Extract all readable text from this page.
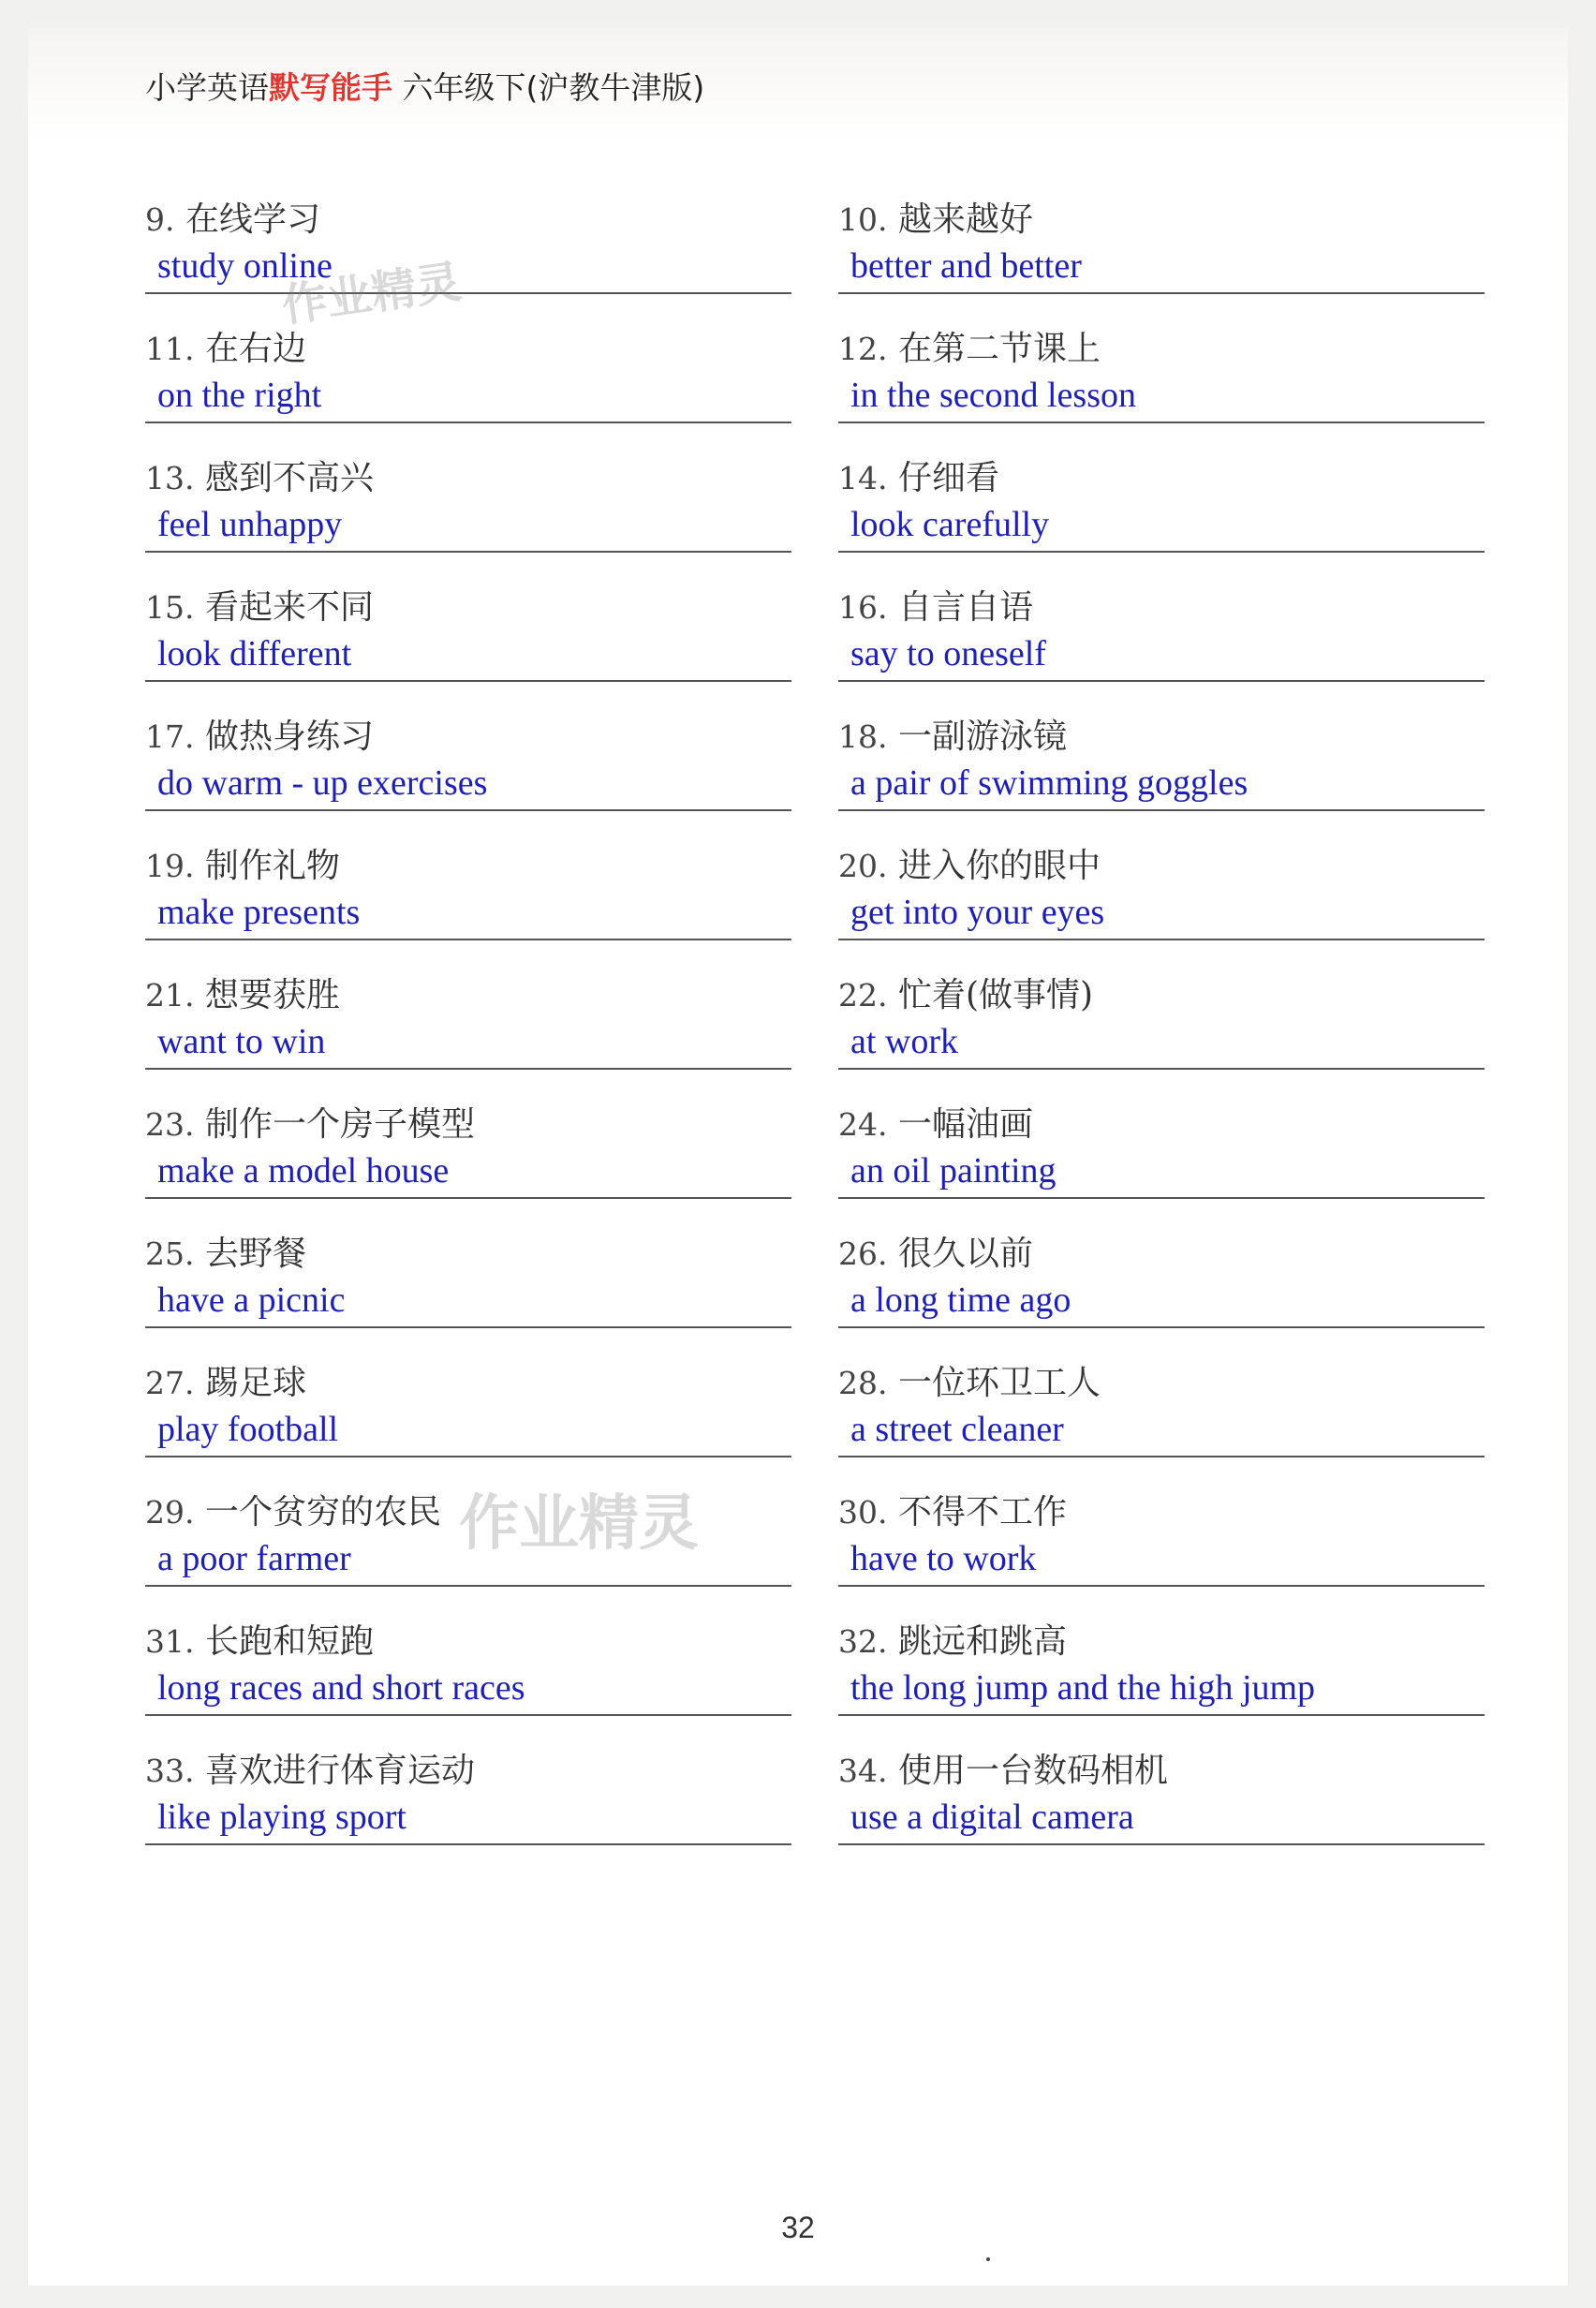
小学英语默写能手 六年级下(沪教牛津版)
9. 在线学习
study online
10. 越来越好
better and better
11. 在右边
on the right
12. 在第二节课上
in the second lesson
13. 感到不高兴
feel unhappy
14. 仔细看
look carefully
15. 看起来不同
look different
16. 自言自语
say to oneself
17. 做热身练习
do warm - up exercises
18. 一副游泳镜
a pair of swimming goggles
19. 制作礼物
make presents
20. 进入你的眼中
get into your eyes
21. 想要获胜
want to win
22. 忙着(做事情)
at work
23. 制作一个房子模型
make a model house
24. 一幅油画
an oil painting
25. 去野餐
have a picnic
26. 很久以前
a long time ago
27. 踢足球
play football
28. 一位环卫工人
a street cleaner
29. 一个贫穷的农民
a poor farmer
30. 不得不工作
have to work
31. 长跑和短跑
long races and short races
32. 跳远和跳高
the long jump and the high jump
33. 喜欢进行体育运动
like playing sport
34. 使用一台数码相机
use a digital camera
作业精灵
作业精灵
32
